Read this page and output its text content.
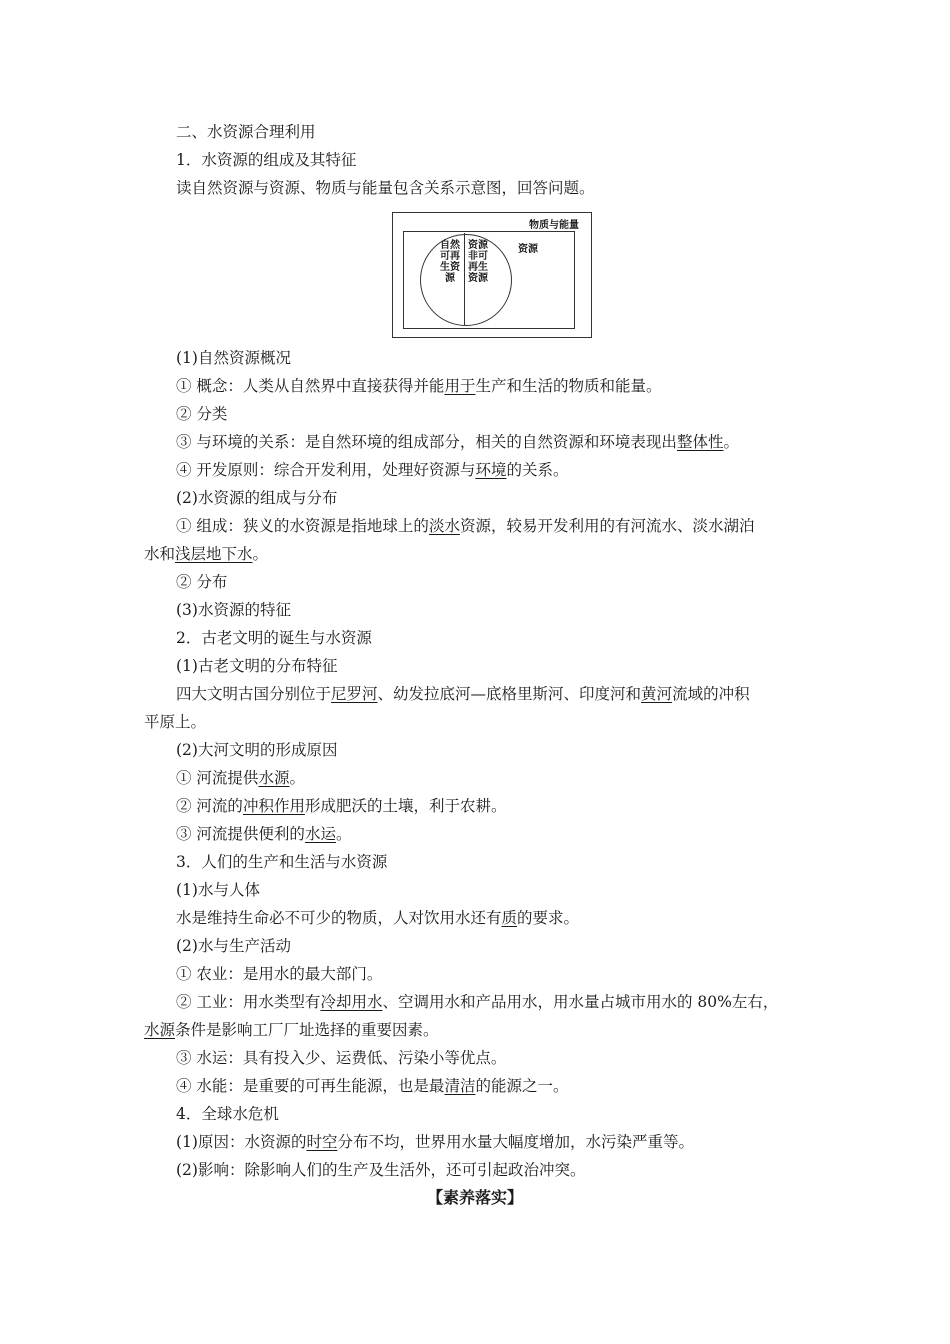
二、水资源合理利用
1．水资源的组成及其特征
读自然资源与资源、物质与能量包含关系示意图，回答问题。
物质与能量
资源
自然可再生资源
资源非可再生资源
(1)自然资源概况
① 概念：人类从自然界中直接获得并能用于生产和生活的物质和能量。
② 分类
③ 与环境的关系：是自然环境的组成部分，相关的自然资源和环境表现出整体性。
④ 开发原则：综合开发利用，处理好资源与环境的关系。
(2)水资源的组成与分布
① 组成：狭义的水资源是指地球上的淡水资源，较易开发利用的有河流水、淡水湖泊
水和浅层地下水。
② 分布
(3)水资源的特征
2．古老文明的诞生与水资源
(1)古老文明的分布特征
四大文明古国分别位于尼罗河、幼发拉底河—底格里斯河、印度河和黄河流域的冲积
平原上。
(2)大河文明的形成原因
① 河流提供水源。
② 河流的冲积作用形成肥沃的土壤，利于农耕。
③ 河流提供便利的水运。
3．人们的生产和生活与水资源
(1)水与人体
水是维持生命必不可少的物质，人对饮用水还有质的要求。
(2)水与生产活动
① 农业：是用水的最大部门。
② 工业：用水类型有冷却用水、空调用水和产品用水，用水量占城市用水的 80%左右，
水源条件是影响工厂厂址选择的重要因素。
③ 水运：具有投入少、运费低、污染小等优点。
④ 水能：是重要的可再生能源，也是最清洁的能源之一。
4．全球水危机
(1)原因：水资源的时空分布不均，世界用水量大幅度增加，水污染严重等。
(2)影响：除影响人们的生产及生活外，还可引起政治冲突。
【素养落实】
